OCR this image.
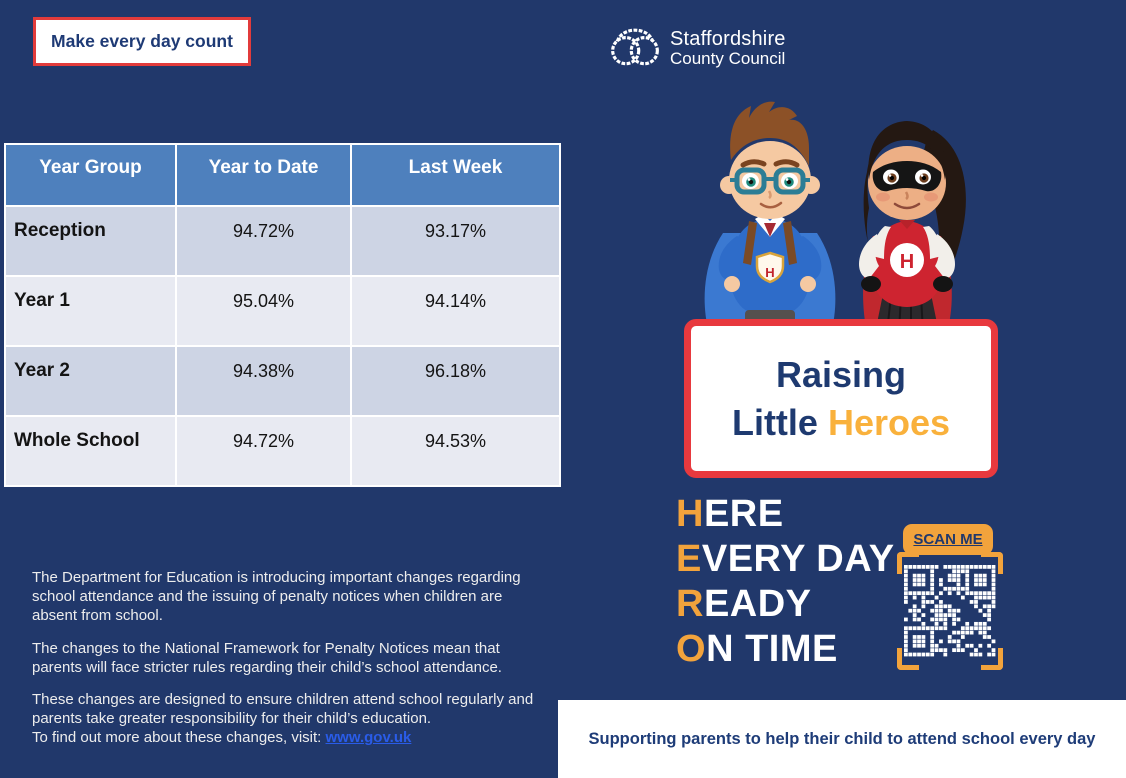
Make every day count	Staffordshire
County Council
Year Group	Year to Date	Last Week
Reception	94.72%	93.17%
Year 1	95.04%	94.14%
Year 2	94.38%	96.18%
Whole School	94.72%	94.53%

The Department for Education is introducing important changes regarding school attendance and the issuing of penalty notices when children are absent from school.

The changes to the National Framework for Penalty Notices mean that parents will face stricter rules regarding their child’s school attendance.

These changes are designed to ensure children attend school regularly and parents take greater responsibility for their child’s education.
To find out more about these changes, visit: www.gov.uk

H	H
Raising
Little Heroes
HERE
EVERY DAY
READY
ON TIME
SCAN ME
Supporting parents to help their child to attend school every day
